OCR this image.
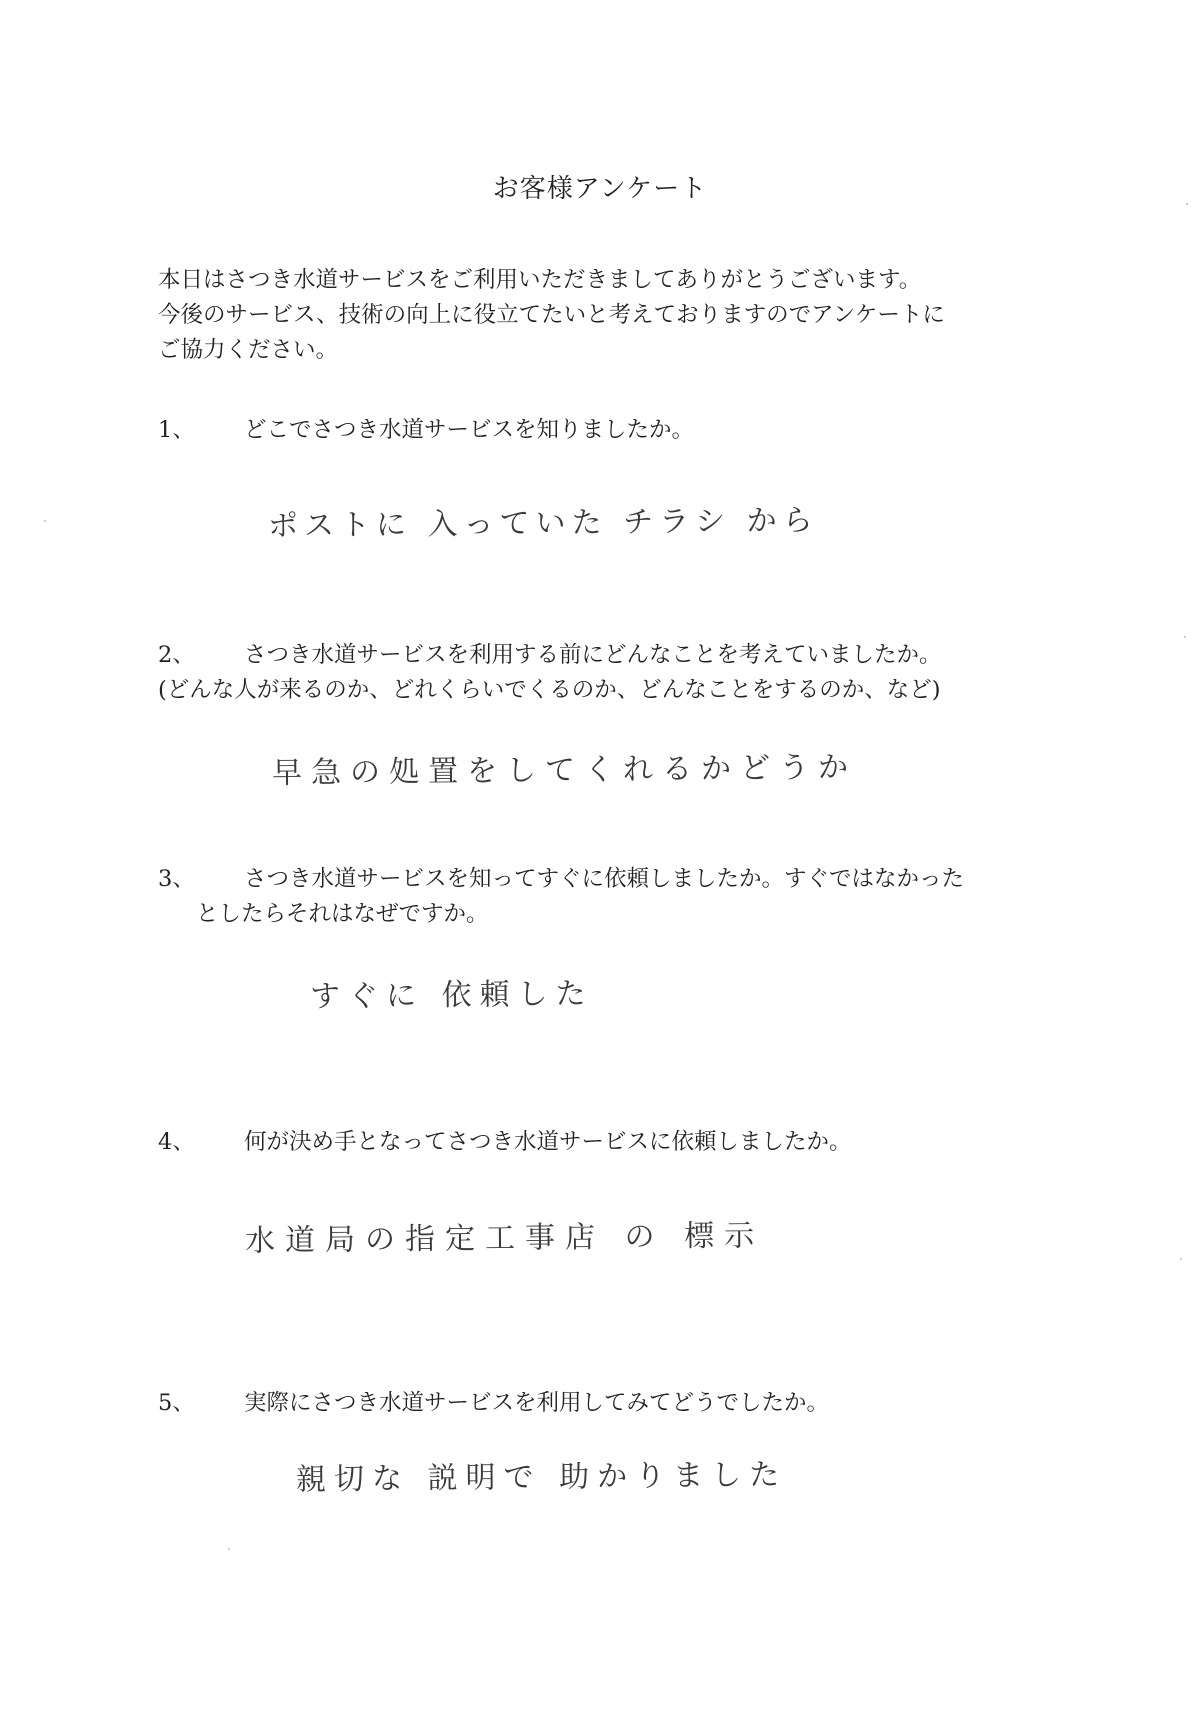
お客様アンケート
本日はさつき水道サービスをご利用いただきましてありがとうございます。
今後のサービス、技術の向上に役立てたいと考えておりますのでアンケートに
ご協力ください。
1、 どこでさつき水道サービスを知りましたか。
ポストに 入っていた チラシ から
2、 さつき水道サービスを利用する前にどんなことを考えていましたか。
(どんな人が来るのか、どれくらいでくるのか、どんなことをするのか、など)
早急の処置をしてくれるかどうか
3、 さつき水道サービスを知ってすぐに依頼しましたか。すぐではなかった
としたらそれはなぜですか。
すぐに 依頼した
4、 何が決め手となってさつき水道サービスに依頼しましたか。
水道局の指定工事店 の 標示
5、 実際にさつき水道サービスを利用してみてどうでしたか。
親切な 説明で 助かりました
